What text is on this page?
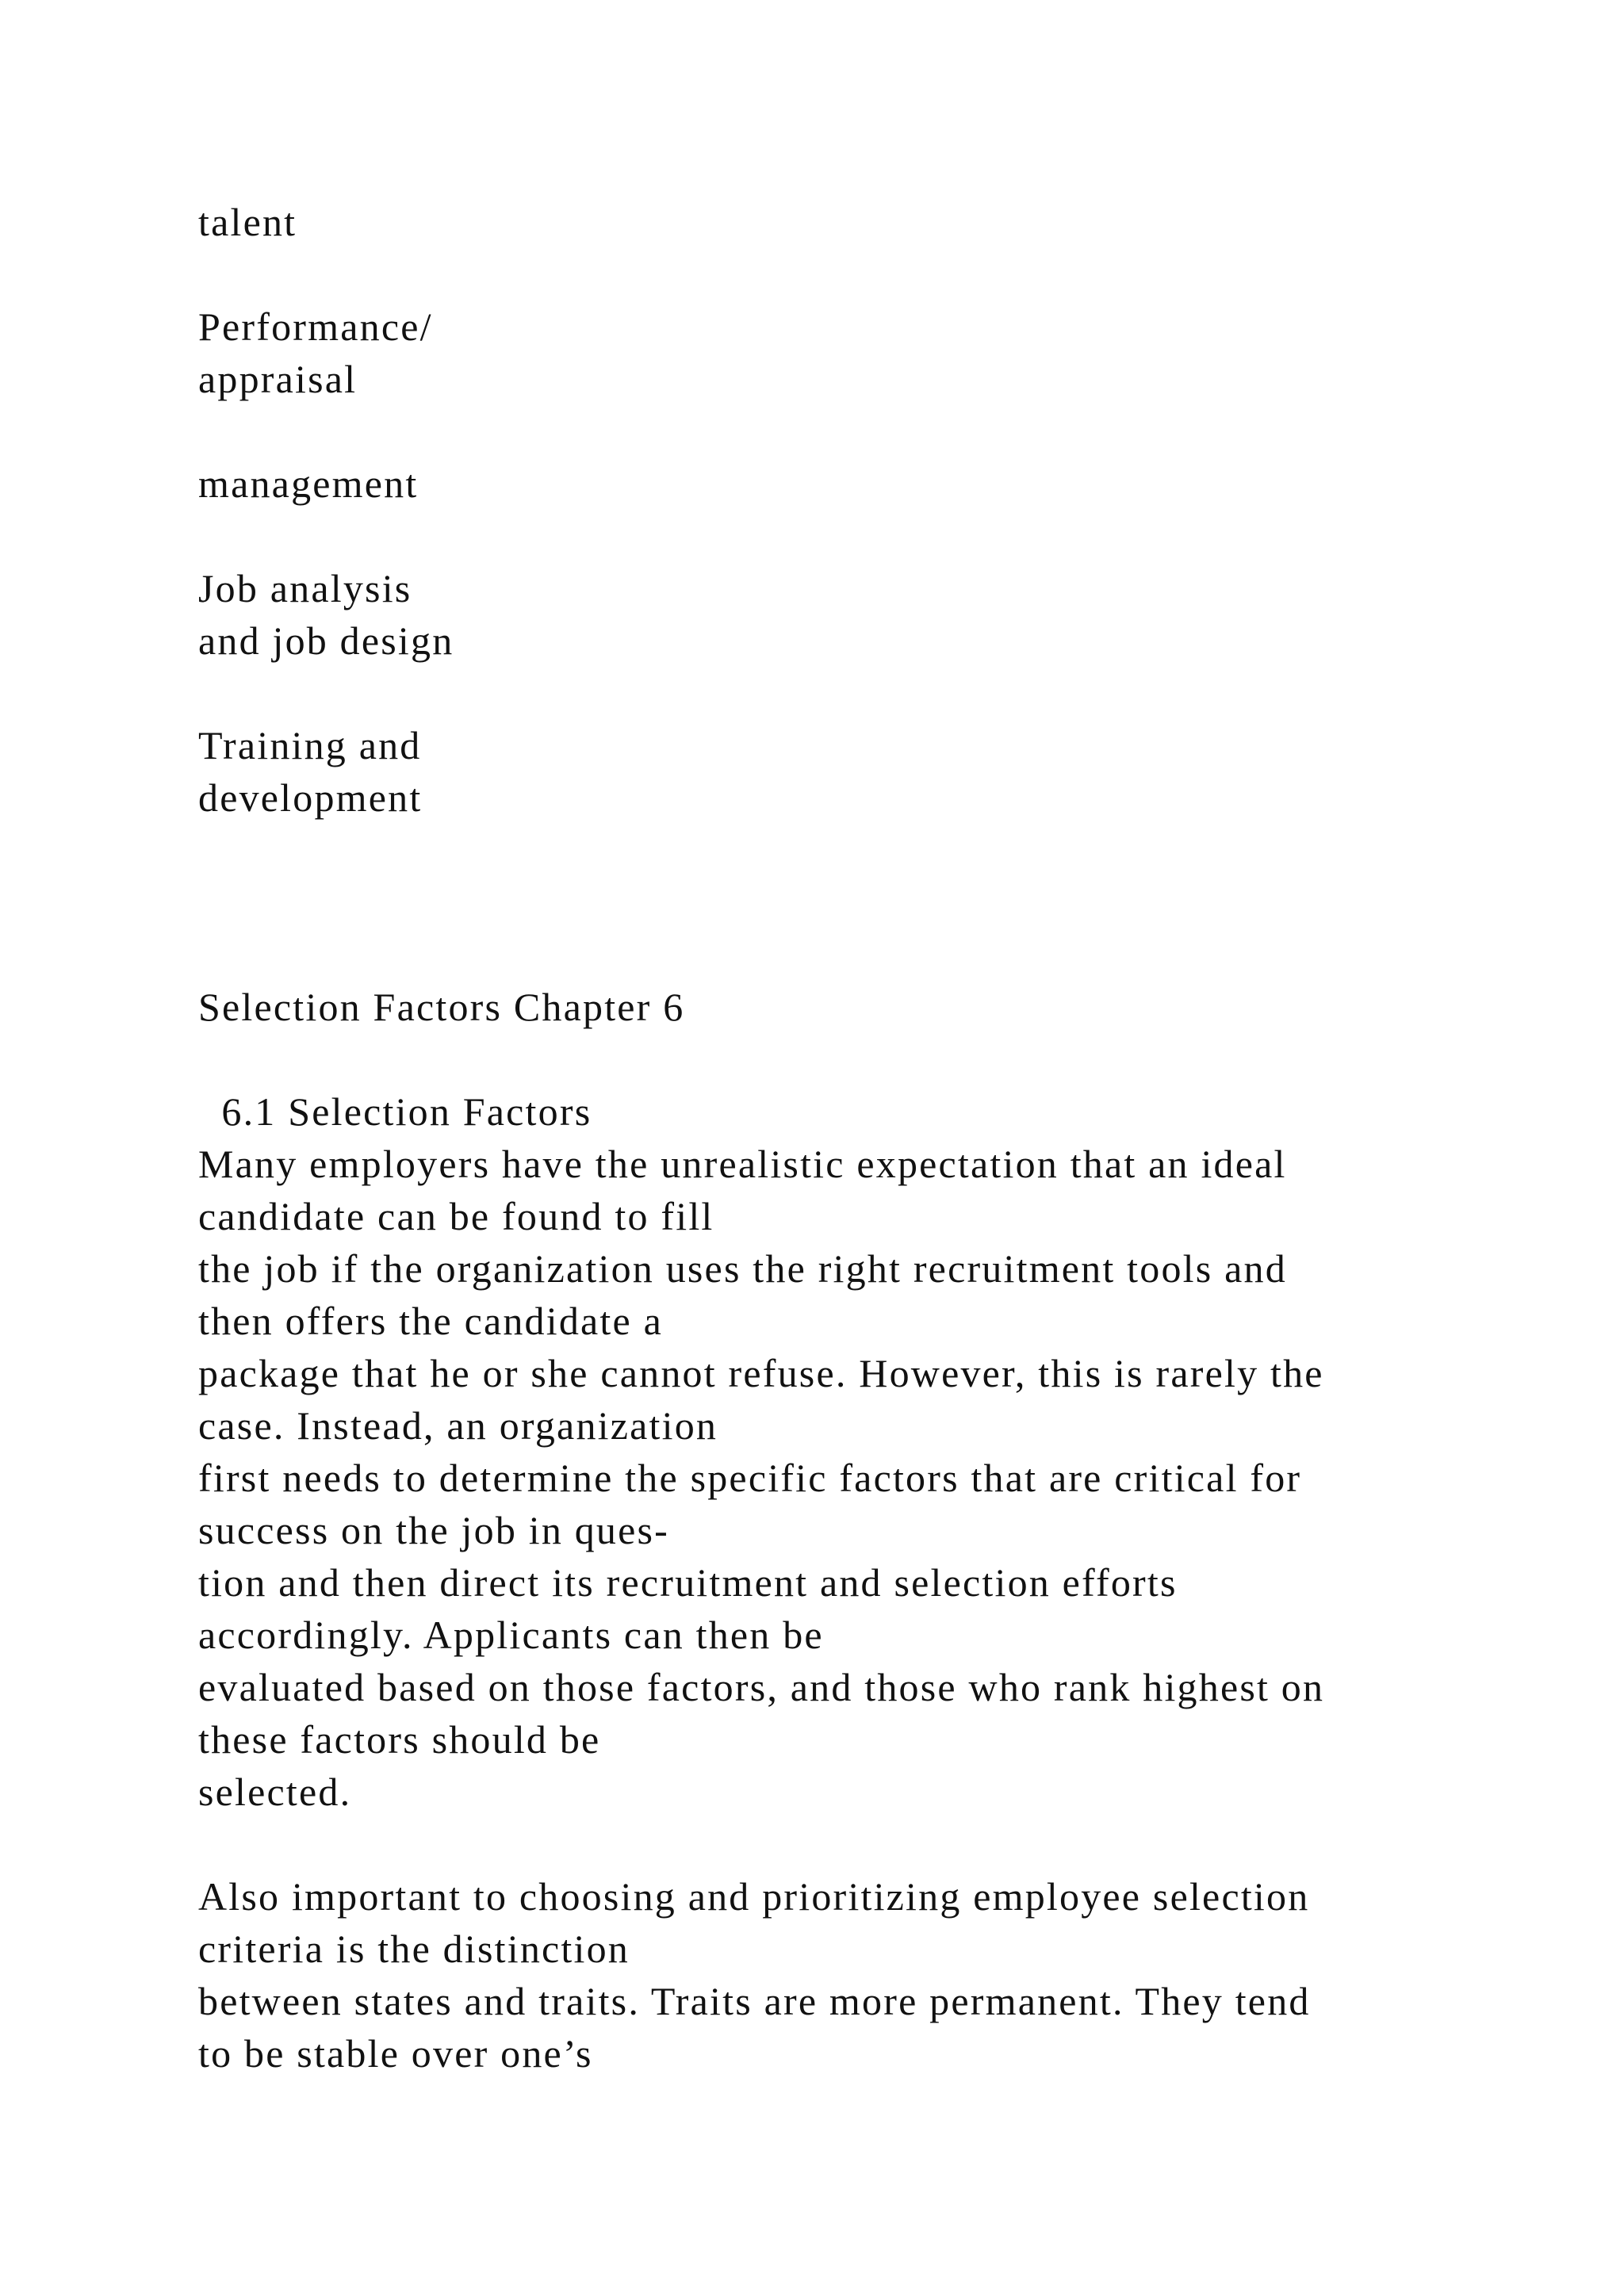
talent

Performance/

appraisal

management

Job analysis

and job design

Training and

development

Selection Factors Chapter 6

6.1 Selection Factors

Many employers have the unrealistic expectation that an ideal

candidate can be found to fill

the job if the organization uses the right recruitment tools and

then offers the candidate a

package that he or she cannot refuse. However, this is rarely the

case. Instead, an organization

first needs to determine the specific factors that are critical for

success on the job in ques-

tion and then direct its recruitment and selection efforts

accordingly. Applicants can then be

evaluated based on those factors, and those who rank highest on

these factors should be

selected.

Also important to choosing and prioritizing employee selection

criteria is the distinction

between states and traits. Traits are more permanent. They tend

to be stable over one’s
